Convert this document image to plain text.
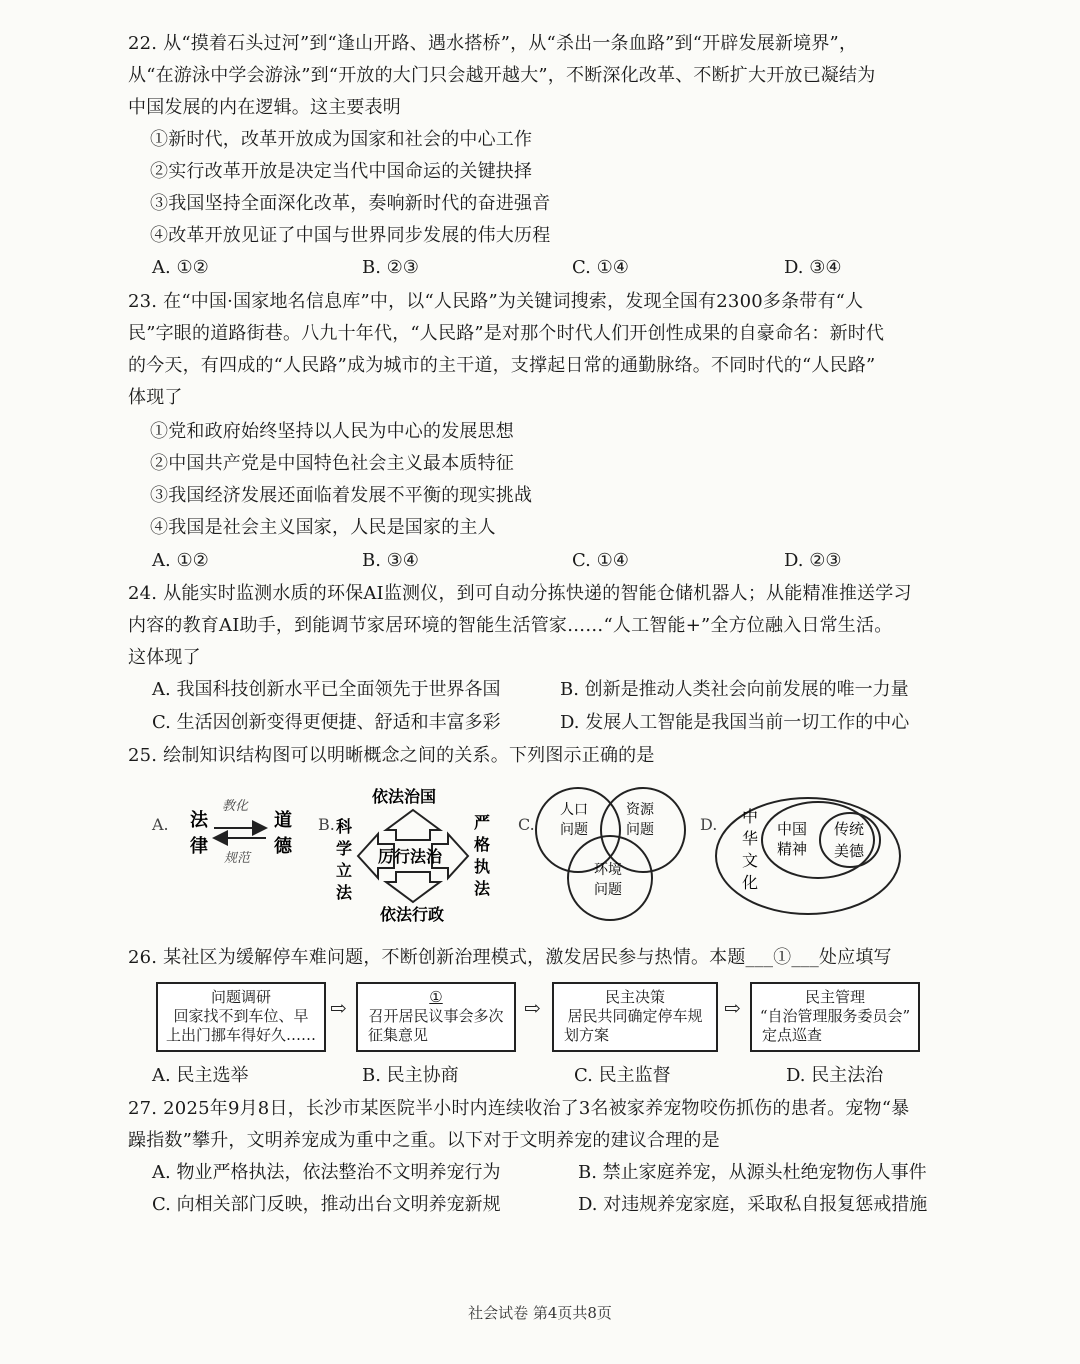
22. 从“摸着石头过河”到“逢山开路、遇水搭桥”，从“杀出一条血路”到“开辟发展新境界”，
从“在游泳中学会游泳”到“开放的大门只会越开越大”，不断深化改革、不断扩大开放已凝结为
中国发展的内在逻辑。这主要表明
①新时代，改革开放成为国家和社会的中心工作
②实行改革开放是决定当代中国命运的关键抉择
③我国坚持全面深化改革，奏响新时代的奋进强音
④改革开放见证了中国与世界同步发展的伟大历程
A. ①②	B. ②③	C. ①④	D. ③④
23. 在“中国·国家地名信息库”中，以“人民路”为关键词搜索，发现全国有2300多条带有“人
民”字眼的道路街巷。八九十年代，“人民路”是对那个时代人们开创性成果的自豪命名：新时代
的今天，有四成的“人民路”成为城市的主干道，支撑起日常的通勤脉络。不同时代的“人民路”
体现了
①党和政府始终坚持以人民为中心的发展思想
②中国共产党是中国特色社会主义最本质特征
③我国经济发展还面临着发展不平衡的现实挑战
④我国是社会主义国家，人民是国家的主人
A. ①②	B. ③④	C. ①④	D. ②③
24. 从能实时监测水质的环保AI监测仪，到可自动分拣快递的智能仓储机器人；从能精准推送学习
内容的教育AI助手，到能调节家居环境的智能生活管家……“人工智能+”全方位融入日常生活。
这体现了
A. 我国科技创新水平已全面领先于世界各国	B. 创新是推动人类社会向前发展的唯一力量
C. 生活因创新变得更便捷、舒适和丰富多彩	D. 发展人工智能是我国当前一切工作的中心
25. 绘制知识结构图可以明晰概念之间的关系。下列图示正确的是
A. 法
律
道
德
教化
规范
B.
依法治国
依法行政
科
学
立
法
严
格
执
法
厉行法治
C.
人口
问题
资源
问题
环境
问题
D. 中
华
文
化
中国
精神
传统
美德
26. 某社区为缓解停车难问题，不断创新治理模式，激发居民参与热情。本题___①___处应填写
问题调研
回家找不到车位、早
上出门挪车得好久……
⇨	①
召开居民议事会多次
征集意见
⇨	民主决策
居民共同确定停车规
划方案
⇨	民主管理
“自治管理服务委员会”
定点巡查
A. 民主选举	B. 民主协商	C. 民主监督	D. 民主法治
27. 2025年9月8日，长沙市某医院半小时内连续收治了3名被家养宠物咬伤抓伤的患者。宠物“暴
躁指数”攀升，文明养宠成为重中之重。以下对于文明养宠的建议合理的是
A. 物业严格执法，依法整治不文明养宠行为	B. 禁止家庭养宠，从源头杜绝宠物伤人事件
C. 向相关部门反映，推动出台文明养宠新规	D. 对违规养宠家庭，采取私自报复惩戒措施
社会试卷 第4页共8页
